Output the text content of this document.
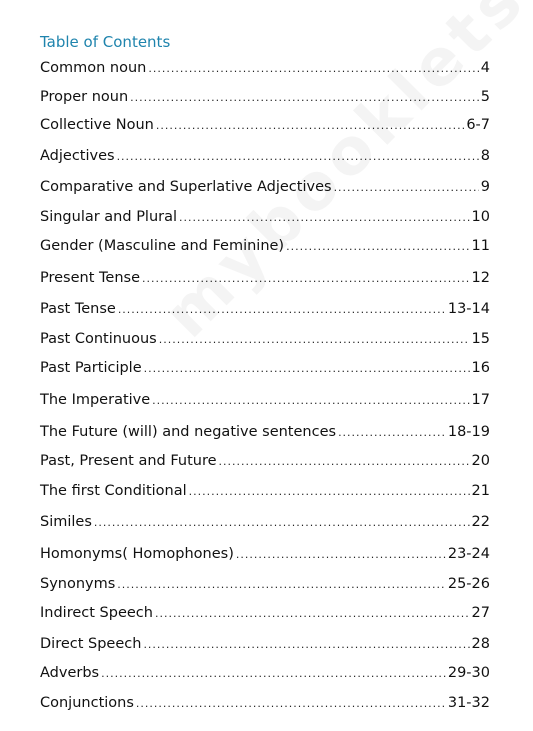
Table of Contents
Common noun .....	4
Proper noun .....	5
Collective Noun .....	6-7
Adjectives .....	8
Comparative and Superlative Adjectives .....	9
Singular and Plural .....	10
Gender (Masculine and Feminine) .....	11
Present Tense .....	12
Past Tense .....	13-14
Past Continuous .....	15
Past Participle .....	16
The Imperative .....	17
The Future (will) and negative sentences .....	18-19
Past, Present and Future .....	20
The first Conditional .....	21
Similes .....	22
Homonyms( Homophones) .....	23-24
Synonyms .....	25-26
Indirect Speech .....	27
Direct Speech .....	28
Adverbs .....	29-30
Conjunctions .....	31-32
